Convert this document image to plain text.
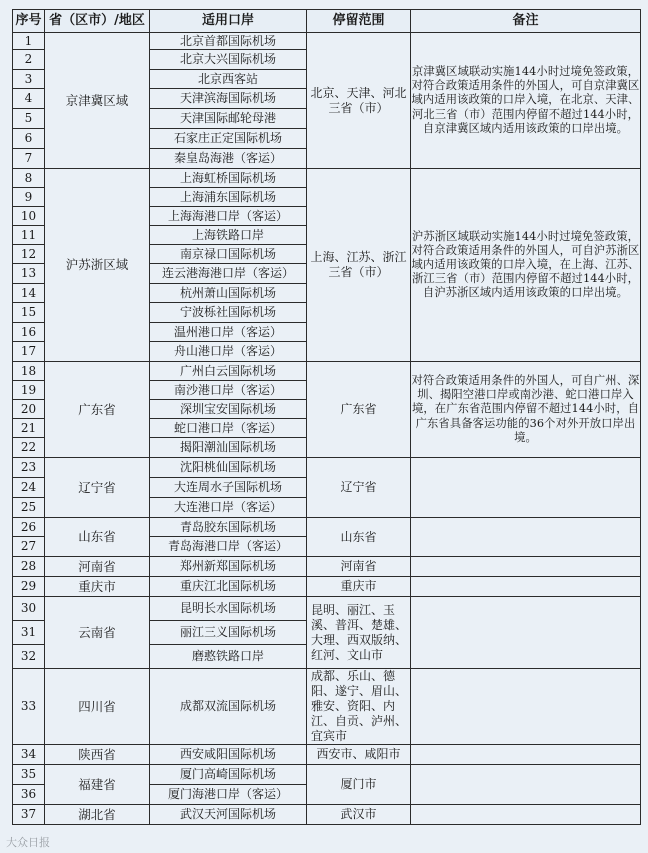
序号	省（区市）/地区	适用口岸	停留范围	备注
1	京津冀区域	北京首都国际机场	北京、天津、河北三省（市）	京津冀区域联动实施144小时过境免签政策，对符合政策适用条件的外国人，可自京津冀区域内适用该政策的口岸入境，在北京、天津、河北三省（市）范围内停留不超过144小时，自京津冀区域内适用该政策的口岸出境。
2		北京大兴国际机场		
3		北京西客站		
4		天津滨海国际机场		
5		天津国际邮轮母港		
6		石家庄正定国际机场		
7		秦皇岛海港（客运）		
8	沪苏浙区域	上海虹桥国际机场	上海、江苏、浙江三省（市）	沪苏浙区域联动实施144小时过境免签政策，对符合政策适用条件的外国人，可自沪苏浙区域内适用该政策的口岸入境，在上海、江苏、浙江三省（市）范围内停留不超过144小时，自沪苏浙区域内适用该政策的口岸出境。
9		上海浦东国际机场		
10		上海海港口岸（客运）		
11		上海铁路口岸		
12		南京禄口国际机场		
13		连云港海港口岸（客运）		
14		杭州萧山国际机场		
15		宁波栎社国际机场		
16		温州港口岸（客运）		
17		舟山港口岸（客运）		
18	广东省	广州白云国际机场	广东省	对符合政策适用条件的外国人，可自广州、深圳、揭阳空港口岸或南沙港、蛇口港口岸入境，在广东省范围内停留不超过144小时，自广东省具备客运功能的36个对外开放口岸出境。
19		南沙港口岸（客运）		
20		深圳宝安国际机场		
21		蛇口港口岸（客运）		
22		揭阳潮汕国际机场		
23	辽宁省	沈阳桃仙国际机场	辽宁省	
24		大连周水子国际机场		
25		大连港口岸（客运）		
26	山东省	青岛胶东国际机场	山东省	
27		青岛海港口岸（客运）		
28	河南省	郑州新郑国际机场	河南省	
29	重庆市	重庆江北国际机场	重庆市	
30	云南省	昆明长水国际机场	昆明、丽江、玉溪、普洱、楚雄、大理、西双版纳、红河、文山市	
31		丽江三义国际机场		
32		磨憨铁路口岸		
33	四川省	成都双流国际机场	成都、乐山、德阳、遂宁、眉山、雅安、资阳、内江、自贡、泸州、宜宾市	
34	陕西省	西安咸阳国际机场	西安市、咸阳市	
35	福建省	厦门高崎国际机场	厦门市	
36		厦门海港口岸（客运）		
37	湖北省	武汉天河国际机场	武汉市	
大众日报
